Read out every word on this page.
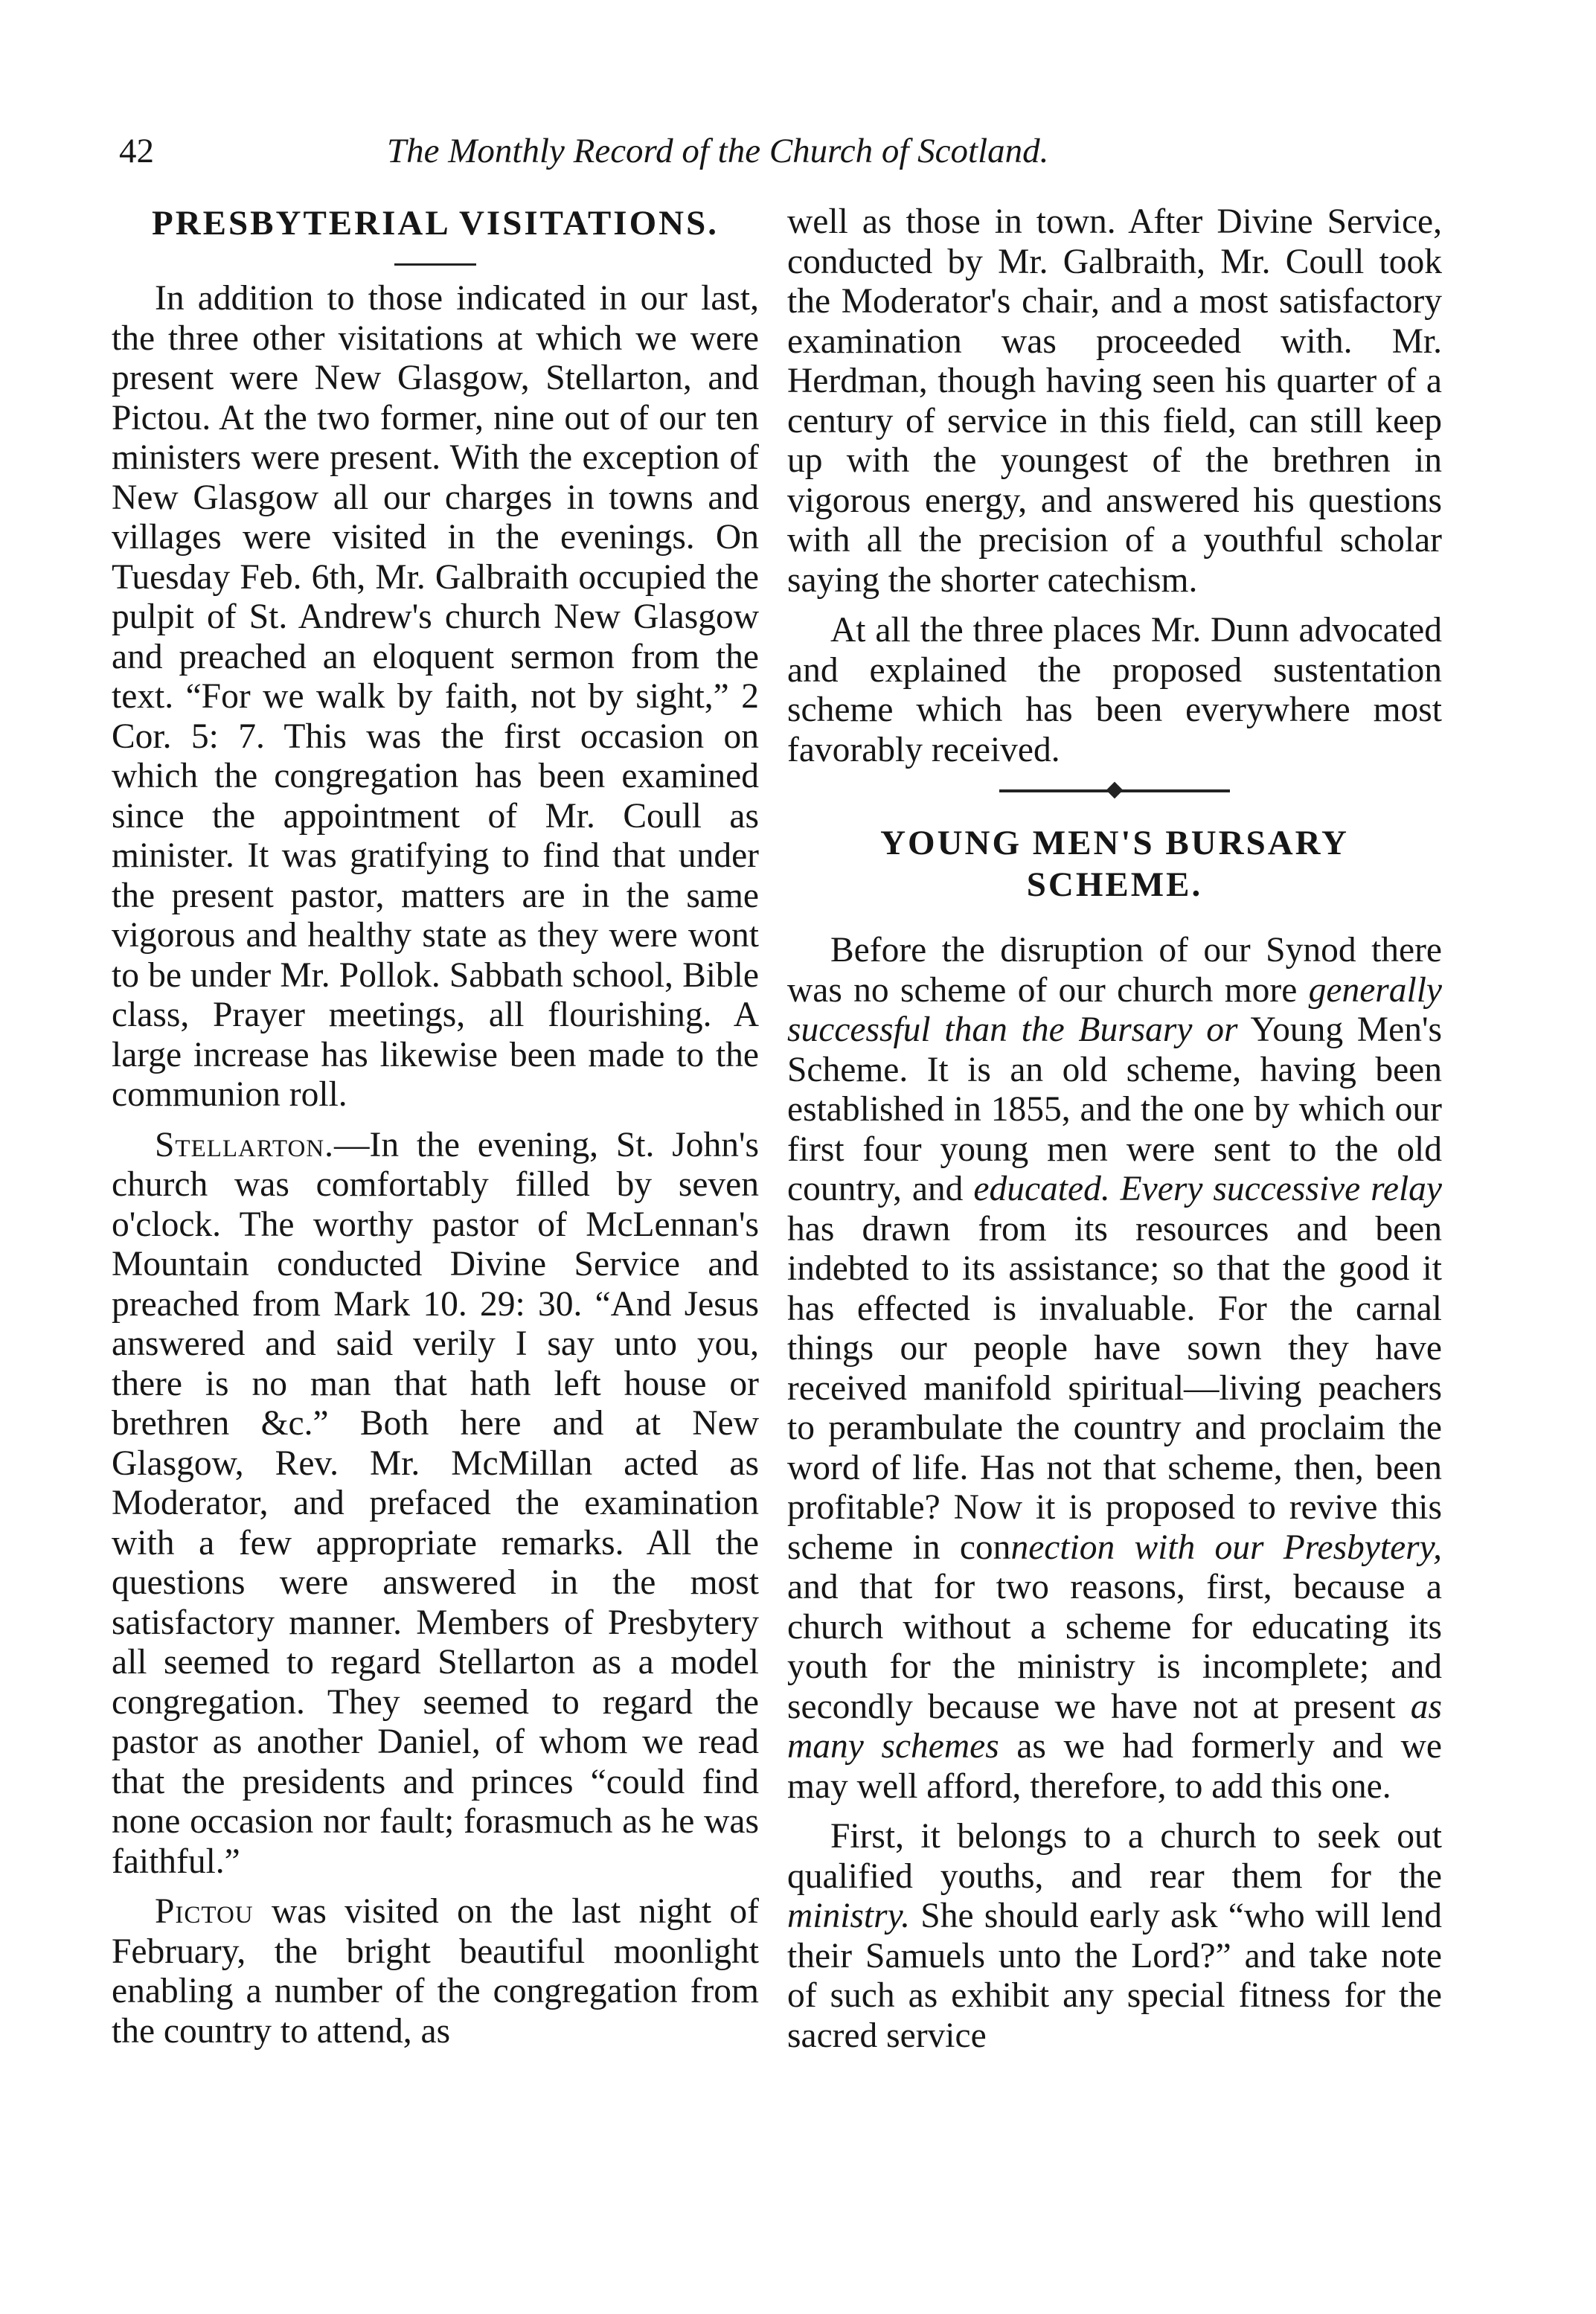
42	The Monthly Record of the Church of Scotland.
PRESBYTERIAL VISITATIONS.

In addition to those indicated in our last, the three other visitations at which we were present were New Glasgow, Stellarton, and Pictou. At the two former, nine out of our ten ministers were present. With the exception of New Glasgow all our charges in towns and villages were visited in the evenings. On Tuesday Feb. 6th, Mr. Galbraith occupied the pulpit of St. Andrew's church New Glasgow and preached an eloquent sermon from the text. “For we walk by faith, not by sight,” 2 Cor. 5: 7. This was the first occasion on which the congregation has been examined since the appointment of Mr. Coull as minister. It was gratifying to find that under the present pastor, matters are in the same vigorous and healthy state as they were wont to be under Mr. Pollok. Sabbath school, Bible class, Prayer meetings, all flourishing. A large increase has likewise been made to the communion roll.

Stellarton.—In the evening, St. John's church was comfortably filled by seven o'clock. The worthy pastor of McLennan's Mountain conducted Divine Service and preached from Mark 10. 29: 30. “And Jesus answered and said verily I say unto you, there is no man that hath left house or brethren &c.” Both here and at New Glasgow, Rev. Mr. McMillan acted as Moderator, and prefaced the examination with a few appropriate remarks. All the questions were answered in the most satisfactory manner. Members of Presbytery all seemed to regard Stellarton as a model congregation. They seemed to regard the pastor as another Daniel, of whom we read that the presidents and princes “could find none occasion nor fault; forasmuch as he was faithful.”

Pictou was visited on the last night of February, the bright beautiful moonlight enabling a number of the congregation from the country to attend, as

well as those in town. After Divine Service, conducted by Mr. Galbraith, Mr. Coull took the Moderator's chair, and a most satisfactory examination was proceeded with. Mr. Herdman, though having seen his quarter of a century of service in this field, can still keep up with the youngest of the brethren in vigorous energy, and answered his questions with all the precision of a youthful scholar saying the shorter catechism.

At all the three places Mr. Dunn advocated and explained the proposed sustentation scheme which has been everywhere most favorably received.

YOUNG MEN'S BURSARY
SCHEME.

Before the disruption of our Synod there was no scheme of our church more generally successful than the Bursary or Young Men's Scheme. It is an old scheme, having been established in 1855, and the one by which our first four young men were sent to the old country, and educated. Every successive relay has drawn from its resources and been indebted to its assistance; so that the good it has effected is invaluable. For the carnal things our people have sown they have received manifold spiritual—living peachers to perambulate the country and proclaim the word of life. Has not that scheme, then, been profitable? Now it is proposed to revive this scheme in connection with our Presbytery, and that for two reasons, first, because a church without a scheme for educating its youth for the ministry is incomplete; and secondly because we have not at present as many schemes as we had formerly and we may well afford, therefore, to add this one.

First, it belongs to a church to seek out qualified youths, and rear them for the ministry. She should early ask “who will lend their Samuels unto the Lord?” and take note of such as exhibit any special fitness for the sacred service
